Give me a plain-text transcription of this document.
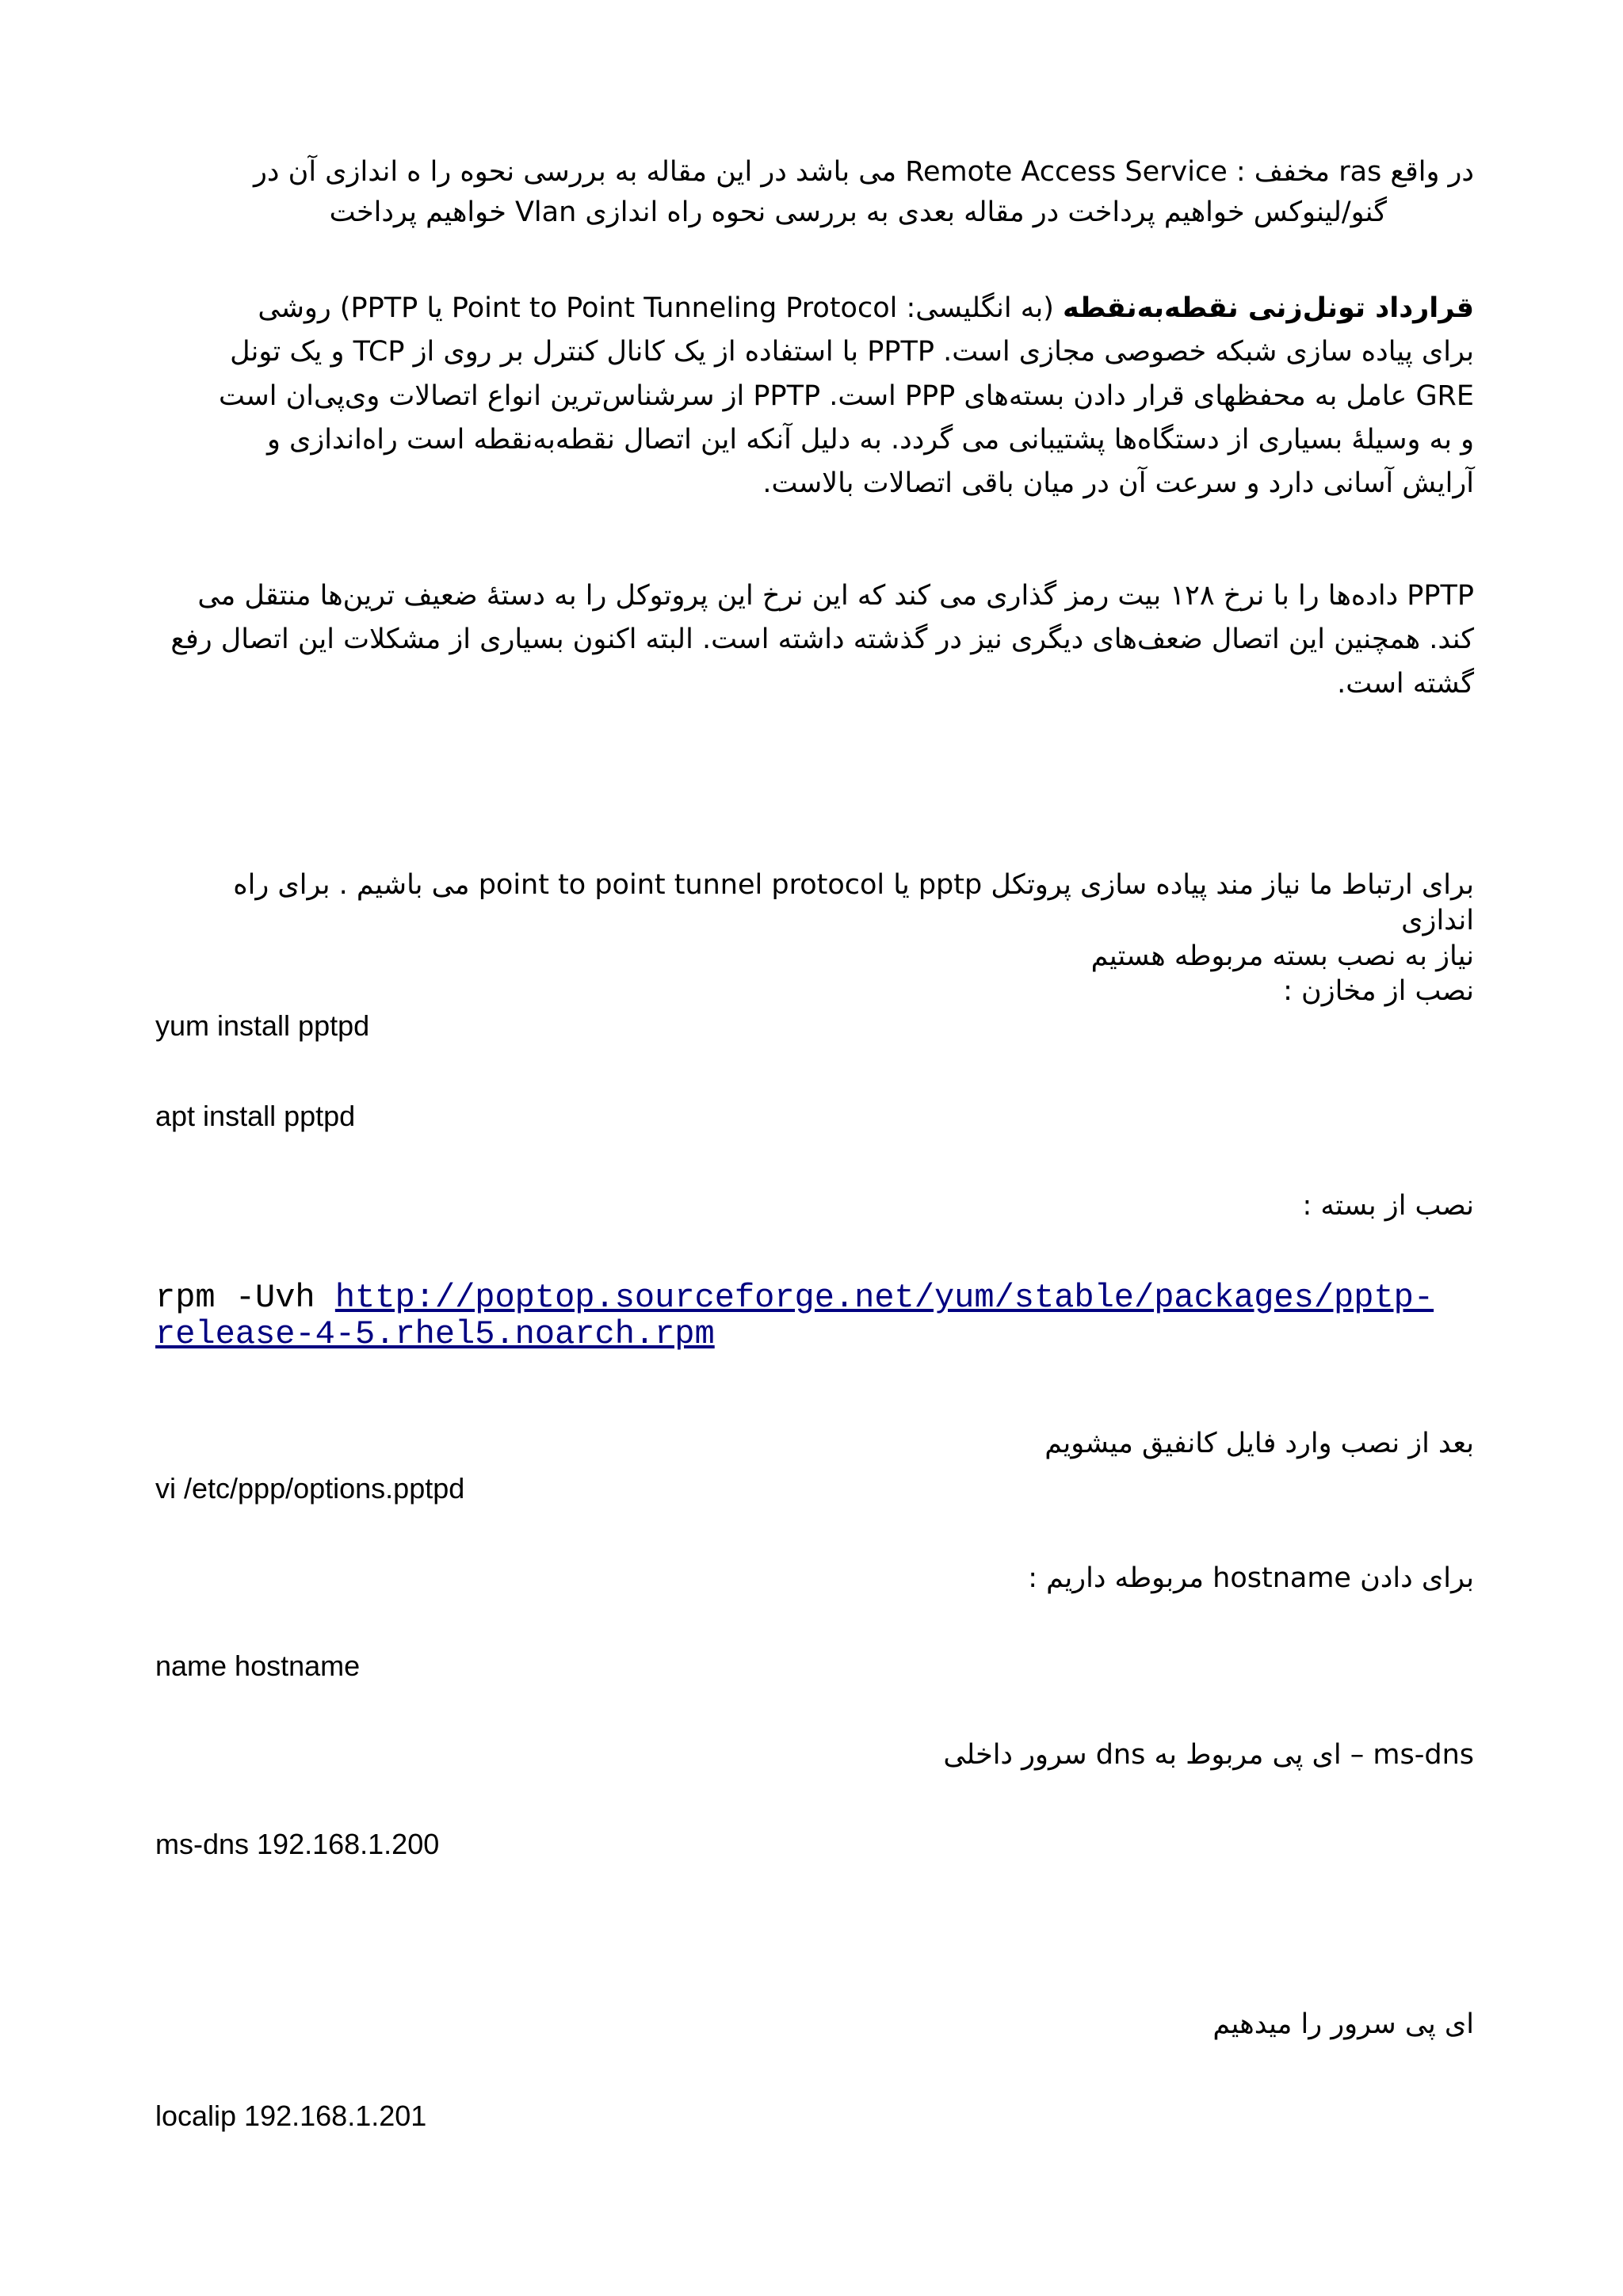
در واقع ras مخفف : Remote Access Service می باشد در این مقاله به بررسی نحوه را ه اندازی آن در
گنو/لینوکس خواهیم پرداخت در مقاله بعدی به بررسی نحوه راه اندازی Vlan خواهیم پرداخت
قرارداد تونل‌زنی نقطه‌به‌نقطه (به انگلیسی: Point to Point Tunneling Protocol یا PPTP) روشی برای پیاده سازی شبکه خصوصی مجازی است. PPTP با استفاده از یک کانال کنترل بر روی از TCP و یک تونل GRE عامل به محفظهای قرار دادن بسته‌های PPP است. PPTP از سرشناس‌ترین انواع اتصالات وی‌پی‌ان است و به وسیلهٔ بسیاری از دستگاه‌ها پشتیبانی می گردد. به دلیل آنکه این اتصال نقطه‌به‌نقطه است راه‌اندازی و آرایش آسانی دارد و سرعت آن در میان باقی اتصالات بالاست.
PPTP داده‌ها را با نرخ ۱۲۸ بیت رمز گذاری می کند که این نرخ این پروتوکل را به دستهٔ ضعیف ترین‌ها منتقل می کند. همچنین این اتصال ضعف‌های دیگری نیز در گذشته داشته است. البته اکنون بسیاری از مشکلات این اتصال رفع گشته است.
برای ارتباط ما نیاز مند پیاده سازی پروتکل pptp یا point to point tunnel protocol می باشیم . برای راه اندازی
نیاز به نصب بسته مربوطه هستیم
نصب از مخازن :
yum install pptpd
apt install pptpd
نصب از بسته :
rpm -Uvh http://poptop.sourceforge.net/yum/stable/packages/pptp-
release-4-5.rhel5.noarch.rpm
بعد از نصب وارد فایل کانفیق میشویم
vi /etc/ppp/options.pptpd
برای دادن hostname مربوطه داریم :
name hostname
ms-dns – ای پی مربوط به dns سرور داخلی
ms-dns 192.168.1.200
ای پی سرور را میدهیم
localip 192.168.1.201
